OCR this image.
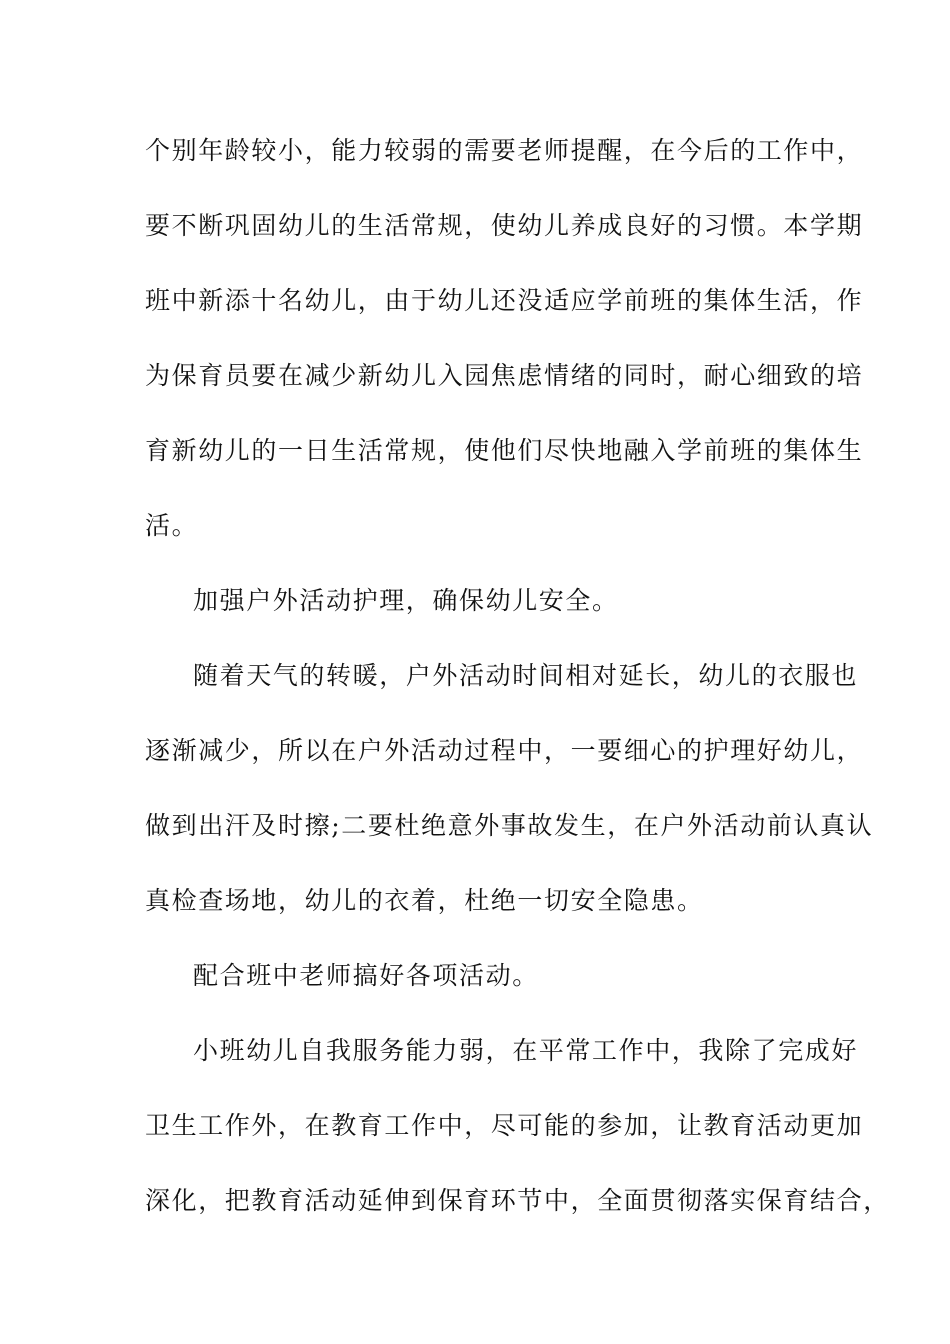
个别年龄较小，能力较弱的需要老师提醒，在今后的工作中，
要不断巩固幼儿的生活常规，使幼儿养成良好的习惯。本学期
班中新添十名幼儿，由于幼儿还没适应学前班的集体生活，作
为保育员要在减少新幼儿入园焦虑情绪的同时，耐心细致的培
育新幼儿的一日生活常规，使他们尽快地融入学前班的集体生
活。
加强户外活动护理，确保幼儿安全。
随着天气的转暖，户外活动时间相对延长，幼儿的衣服也
逐渐减少，所以在户外活动过程中，一要细心的护理好幼儿，
做到出汗及时擦;二要杜绝意外事故发生，在户外活动前认真认
真检查场地，幼儿的衣着，杜绝一切安全隐患。
配合班中老师搞好各项活动。
小班幼儿自我服务能力弱，在平常工作中，我除了完成好
卫生工作外，在教育工作中，尽可能的参加，让教育活动更加
深化，把教育活动延伸到保育环节中，全面贯彻落实保育结合，
